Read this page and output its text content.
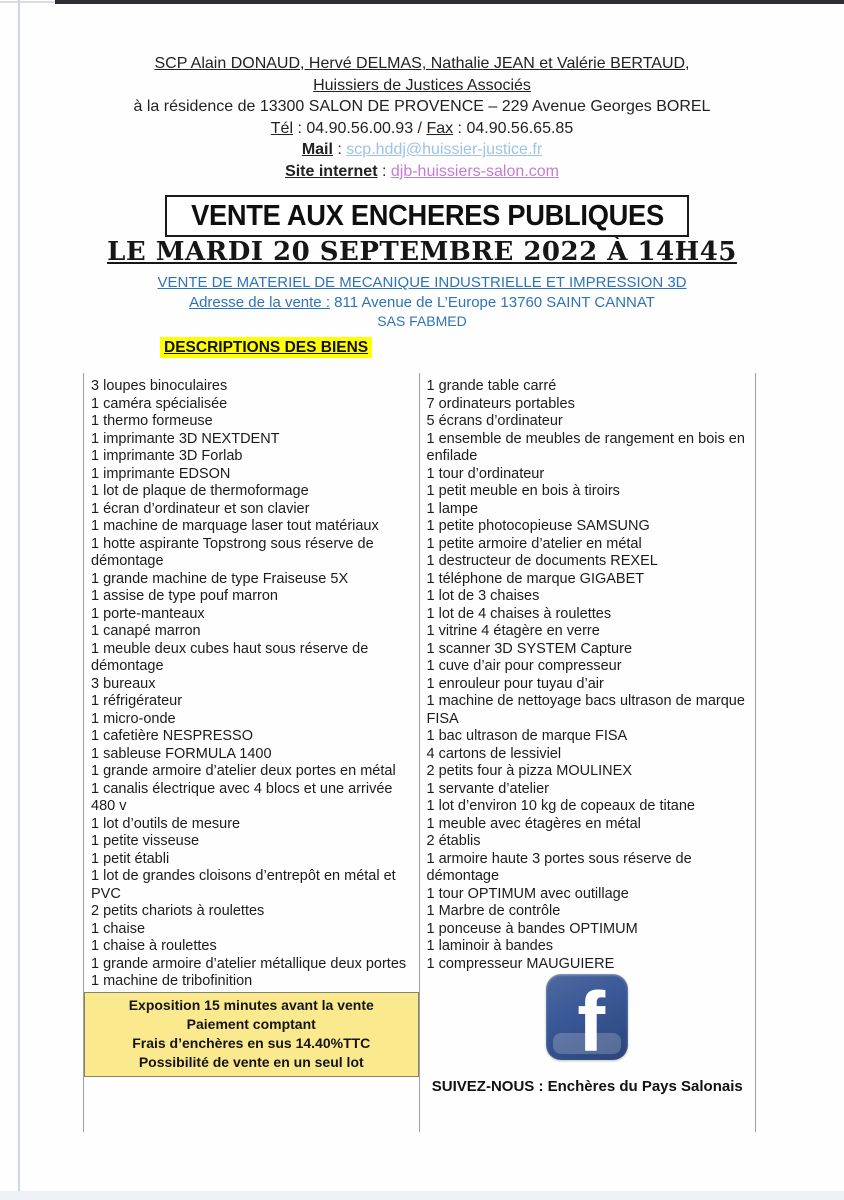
SCP Alain DONAUD, Hervé DELMAS, Nathalie JEAN et Valérie BERTAUD,
Huissiers de Justices Associés
à la résidence de 13300 SALON DE PROVENCE – 229 Avenue Georges BOREL
Tél : 04.90.56.00.93 / Fax : 04.90.56.65.85
Mail : scp.hddj@huissier-justice.fr
Site internet : djb-huissiers-salon.com
VENTE AUX ENCHERES PUBLIQUES
LE MARDI 20 SEPTEMBRE 2022 À 14H45
VENTE DE MATERIEL DE MECANIQUE INDUSTRIELLE ET IMPRESSION 3D
Adresse de la vente : 811 Avenue de L’Europe 13760 SAINT CANNAT
SAS FABMED
DESCRIPTIONS DES BIENS
3 loupes binoculaires
1 caméra spécialisée
1 thermo formeuse
1 imprimante 3D NEXTDENT
1 imprimante 3D Forlab
1 imprimante EDSON
1 lot de plaque de thermoformage
1 écran d’ordinateur et son clavier
1 machine de marquage laser tout matériaux
1 hotte aspirante Topstrong sous réserve de démontage
1 grande machine de type Fraiseuse 5X
1 assise de type pouf marron
1 porte-manteaux
1 canapé marron
1 meuble deux cubes haut sous réserve de démontage
3 bureaux
1 réfrigérateur
1 micro-onde
1 cafetière NESPRESSO
1 sableuse FORMULA 1400
1 grande armoire d’atelier deux portes en métal
1 canalis électrique avec 4 blocs et une arrivée 480 v
1 lot d’outils de mesure
1 petite visseuse
1 petit établi
1 lot de grandes cloisons d’entrepôt en métal et PVC
2 petits chariots à roulettes
1 chaise
1 chaise à roulettes
1 grande armoire d’atelier métallique deux portes
1 machine de tribofinition
Exposition 15 minutes avant la vente
Paiement comptant
Frais d’enchères en sus 14.40%TTC
Possibilité de vente en un seul lot
1 grande table carré
7 ordinateurs portables
5 écrans d’ordinateur
1 ensemble de meubles de rangement en bois en enfilade
1 tour d’ordinateur
1 petit meuble en bois à tiroirs
1 lampe
1 petite photocopieuse SAMSUNG
1 petite armoire d’atelier en métal
1 destructeur de documents REXEL
1 téléphone de marque GIGABET
1 lot de 3 chaises
1 lot de 4 chaises à roulettes
1 vitrine 4 étagère en verre
1 scanner 3D SYSTEM Capture
1 cuve d’air pour compresseur
1 enrouleur pour tuyau d’air
1 machine de nettoyage bacs ultrason de marque FISA
1 bac ultrason de marque FISA
4 cartons de lessiviel
2 petits four à pizza MOULINEX
1 servante d’atelier
1 lot d’environ 10 kg de copeaux de titane
1 meuble avec étagères en métal
2 établis
1 armoire haute 3 portes sous réserve de démontage
1 tour OPTIMUM avec outillage
1 Marbre de contrôle
1 ponceuse à bandes OPTIMUM
1 laminoir à bandes
1 compresseur MAUGUIERE
f
SUIVEZ-NOUS : Enchères du Pays Salonais
